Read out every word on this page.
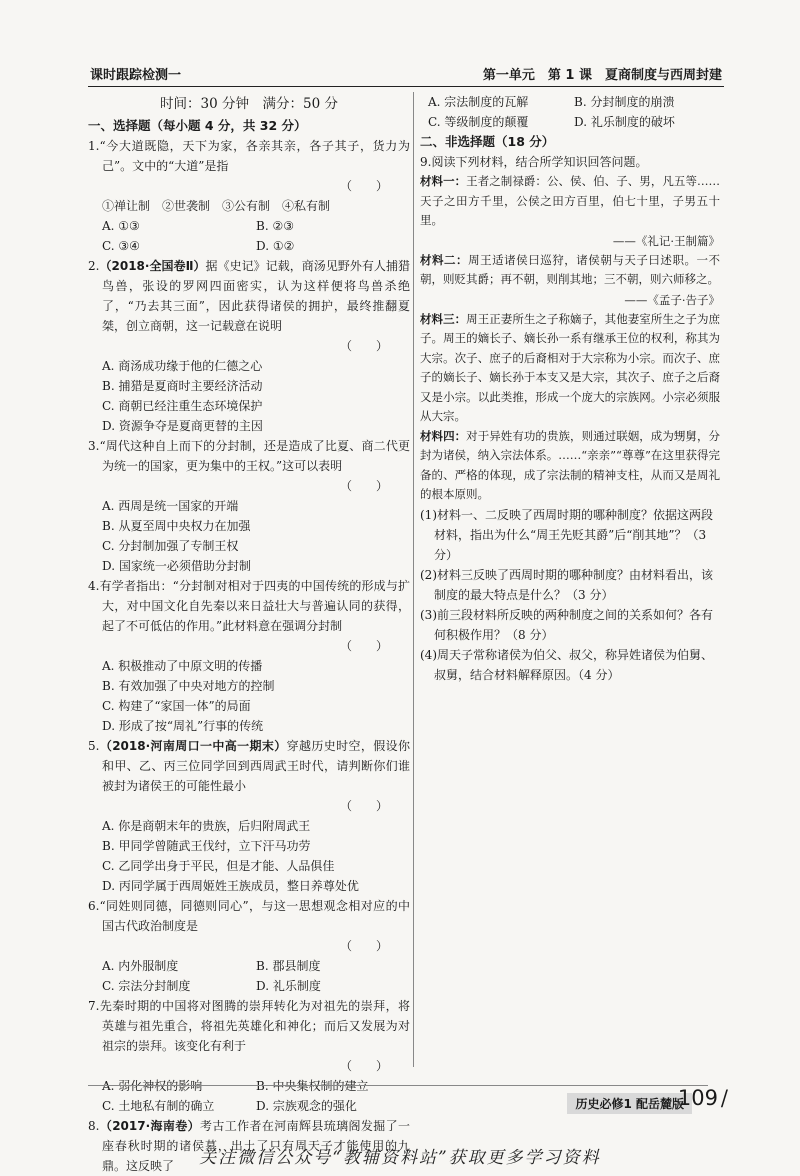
课时跟踪检测一	第一单元　第 1 课　夏商制度与西周封建
时间：30 分钟　满分：50 分
一、选择题（每小题 4 分，共 32 分）

1.“今大道既隐，天下为家，各亲其亲，各子其子，货力为己”。文中的“大道”是指
（　　）

①禅让制　②世袭制　③公有制　④私有制

A. ①③	B. ②③
C. ③④	D. ①②

2.（2018·全国卷Ⅱ）据《史记》记载，商汤见野外有人捕猎鸟兽，张设的罗网四面密实，认为这样便将鸟兽杀绝了，“乃去其三面”，因此获得诸侯的拥护，最终推翻夏桀，创立商朝，这一记载意在说明
（　　）

A. 商汤成功缘于他的仁德之心

B. 捕猎是夏商时主要经济活动

C. 商朝已经注重生态环境保护

D. 资源争夺是夏商更替的主因

3.“周代这种自上而下的分封制，还是造成了比夏、商二代更为统一的国家，更为集中的王权。”这可以表明
（　　）

A. 西周是统一国家的开端

B. 从夏至周中央权力在加强

C. 分封制加强了专制王权

D. 国家统一必须借助分封制

4.有学者指出：“分封制对相对于四夷的中国传统的形成与扩大，对中国文化自先秦以来日益壮大与普遍认同的获得，起了不可低估的作用。”此材料意在强调分封制
（　　）

A. 积极推动了中原文明的传播

B. 有效加强了中央对地方的控制

C. 构建了“家国一体”的局面

D. 形成了按“周礼”行事的传统

5.（2018·河南周口一中高一期末）穿越历史时空，假设你和甲、乙、丙三位同学回到西周武王时代，请判断你们谁被封为诸侯王的可能性最小
（　　）

A. 你是商朝末年的贵族，后归附周武王

B. 甲同学曾随武王伐纣，立下汗马功劳

C. 乙同学出身于平民，但是才能、人品俱佳

D. 丙同学属于西周姬姓王族成员，整日养尊处优

6.“同姓则同德，同德则同心”，与这一思想观念相对应的中国古代政治制度是
（　　）

A. 内外服制度	B. 郡县制度
C. 宗法分封制度	D. 礼乐制度

7.先秦时期的中国将对图腾的崇拜转化为对祖先的崇拜，将英雄与祖先重合，将祖先英雄化和神化；而后又发展为对祖宗的崇拜。该变化有利于
（　　）

A. 弱化神权的影响	B. 中央集权制的建立
C. 土地私有制的确立	D. 宗族观念的强化

8.（2017·海南卷）考古工作者在河南辉县琉璃阁发掘了一座春秋时期的诸侯墓，出土了只有周天子才能使用的九鼎。这反映了

A. 宗法制度的瓦解	B. 分封制度的崩溃
C. 等级制度的颠覆	D. 礼乐制度的破坏
二、非选择题（18 分）

9.阅读下列材料，结合所学知识回答问题。

材料一：王者之制禄爵：公、侯、伯、子、男，凡五等……天子之田方千里，公侯之田方百里，伯七十里，子男五十里。

——《礼记·王制篇》

材料二：周王适诸侯曰巡狩，诸侯朝与天子曰述职。一不朝，则贬其爵；再不朝，则削其地；三不朝，则六师移之。

——《孟子·告子》

材料三：周王正妻所生之子称嫡子，其他妻室所生之子为庶子。周王的嫡长子、嫡长孙一系有继承王位的权利，称其为大宗。次子、庶子的后裔相对于大宗称为小宗。而次子、庶子的嫡长子、嫡长孙于本支又是大宗，其次子、庶子之后裔又是小宗。以此类推，形成一个庞大的宗族网。小宗必须服从大宗。

材料四：对于异姓有功的贵族，则通过联姻，成为甥舅，分封为诸侯，纳入宗法体系。……“亲亲”“尊尊”在这里获得完备的、严格的体现，成了宗法制的精神支柱，从而又是周礼的根本原则。

(1)材料一、二反映了西周时期的哪种制度？依据这两段材料，指出为什么“周王先贬其爵”后“削其地”？（3 分）

(2)材料三反映了西周时期的哪种制度？由材料看出，该制度的最大特点是什么？（3 分）

(3)前三段材料所反映的两种制度之间的关系如何？各有何积极作用？（8 分）

(4)周天子常称诸侯为伯父、叔父，称异姓诸侯为伯舅、叔舅，结合材料解释原因。（4 分）

历史必修1 配岳麓版
109 /
关注微信公众号“教辅资料站”获取更多学习资料
